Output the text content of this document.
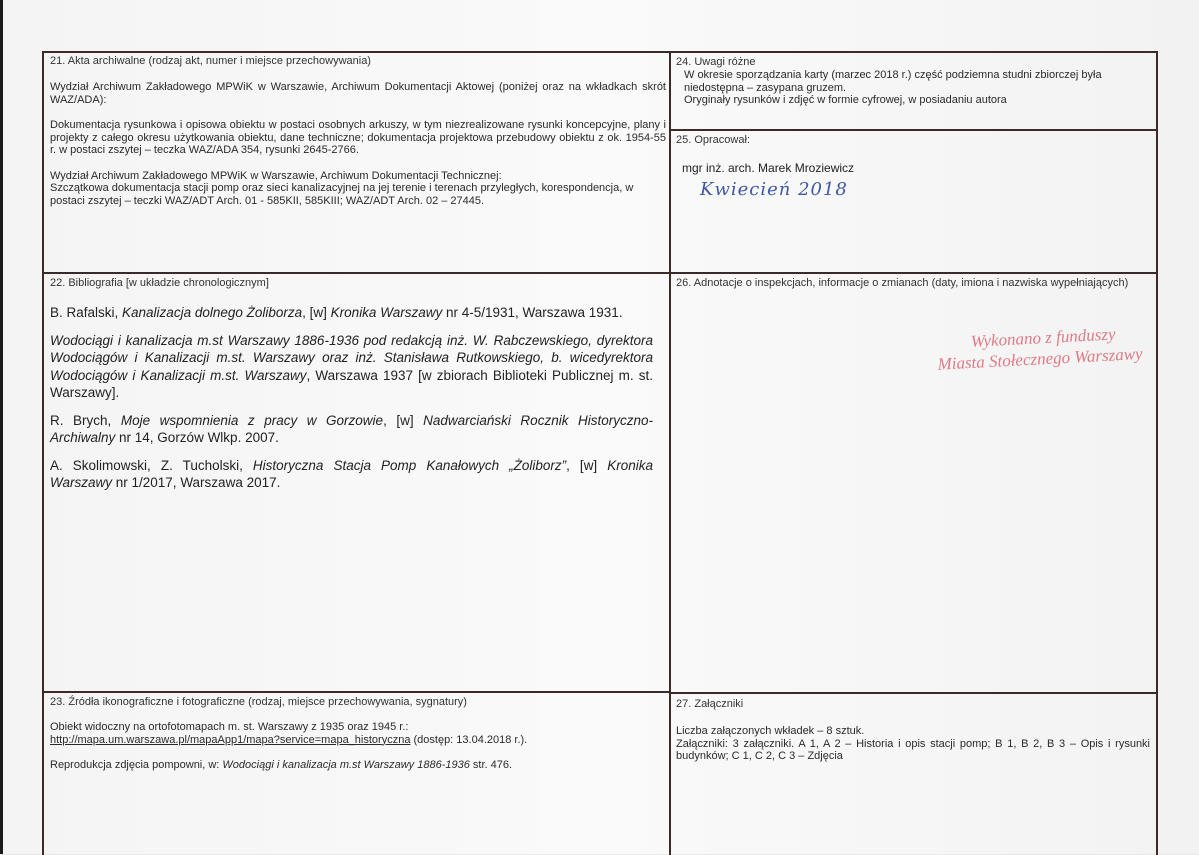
21. Akta archiwalne (rodzaj akt, numer i miejsce przechowywania)

Wydział Archiwum Zakładowego MPWiK w Warszawie, Archiwum Dokumentacji Aktowej (poniżej oraz na wkładkach skrót WAZ/ADA):

Dokumentacja rysunkowa i opisowa obiektu w postaci osobnych arkuszy, w tym niezrealizowane rysunki koncepcyjne, plany i projekty z całego okresu użytkowania obiektu, dane techniczne; dokumentacja projektowa przebudowy obiektu z ok. 1954-55 r. w postaci zszytej – teczka WAZ/ADA 354, rysunki 2645-2766.

Wydział Archiwum Zakładowego MPWiK w Warszawie, Archiwum Dokumentacji Technicznej:

Szczątkowa dokumentacja stacji pomp oraz sieci kanalizacyjnej na jej terenie i terenach przyległych, korespondencja, w postaci zszytej – teczki WAZ/ADT Arch. 01 - 585KII, 585KIII; WAZ/ADT Arch. 02 – 27445.

22. Bibliografia [w układzie chronologicznym]

B. Rafalski, Kanalizacja dolnego Żoliborza, [w] Kronika Warszawy nr 4-5/1931, Warszawa 1931.

Wodociągi i kanalizacja m.st Warszawy 1886-1936 pod redakcją inż. W. Rabczewskiego, dyrektora Wodociągów i Kanalizacji m.st. Warszawy oraz inż. Stanisława Rutkowskiego, b. wicedyrektora Wodociągów i Kanalizacji m.st. Warszawy, Warszawa 1937 [w zbiorach Biblioteki Publicznej m. st. Warszawy].

R. Brych, Moje wspomnienia z pracy w Gorzowie, [w] Nadwarciański Rocznik Historyczno-Archiwalny nr 14, Gorzów Wlkp. 2007.

A. Skolimowski, Z. Tucholski, Historyczna Stacja Pomp Kanałowych „Żoliborz”, [w] Kronika Warszawy nr 1/2017, Warszawa 2017.

23. Źródła ikonograficzne i fotograficzne (rodzaj, miejsce przechowywania, sygnatury)

Obiekt widoczny na ortofotomapach m. st. Warszawy z 1935 oraz 1945 r.:

http://mapa.um.warszawa.pl/mapaApp1/mapa?service=mapa_historyczna (dostęp: 13.04.2018 r.).

Reprodukcja zdjęcia pompowni, w: Wodociągi i kanalizacja m.st Warszawy 1886-1936 str. 476.

24. Uwagi różne

W okresie sporządzania karty (marzec 2018 r.) część podziemna studni zbiorczej była niedostępna – zasypana gruzem.

Oryginały rysunków i zdjęć w formie cyfrowej, w posiadaniu autora

25. Opracował:

mgr inż. arch. Marek Mroziewicz

Kwiecień 2018
26. Adnotacje o inspekcjach, informacje o zmianach (daty, imiona i nazwiska wypełniających)
Wykonano z funduszy
Miasta Stołecznego Warszawy
27. Załączniki

Liczba załączonych wkładek – 8 sztuk.

Załączniki: 3 załączniki. A 1, A 2 – Historia i opis stacji pomp; B 1, B 2, B 3 – Opis i rysunki budynków; C 1, C 2, C 3 – Zdjęcia
